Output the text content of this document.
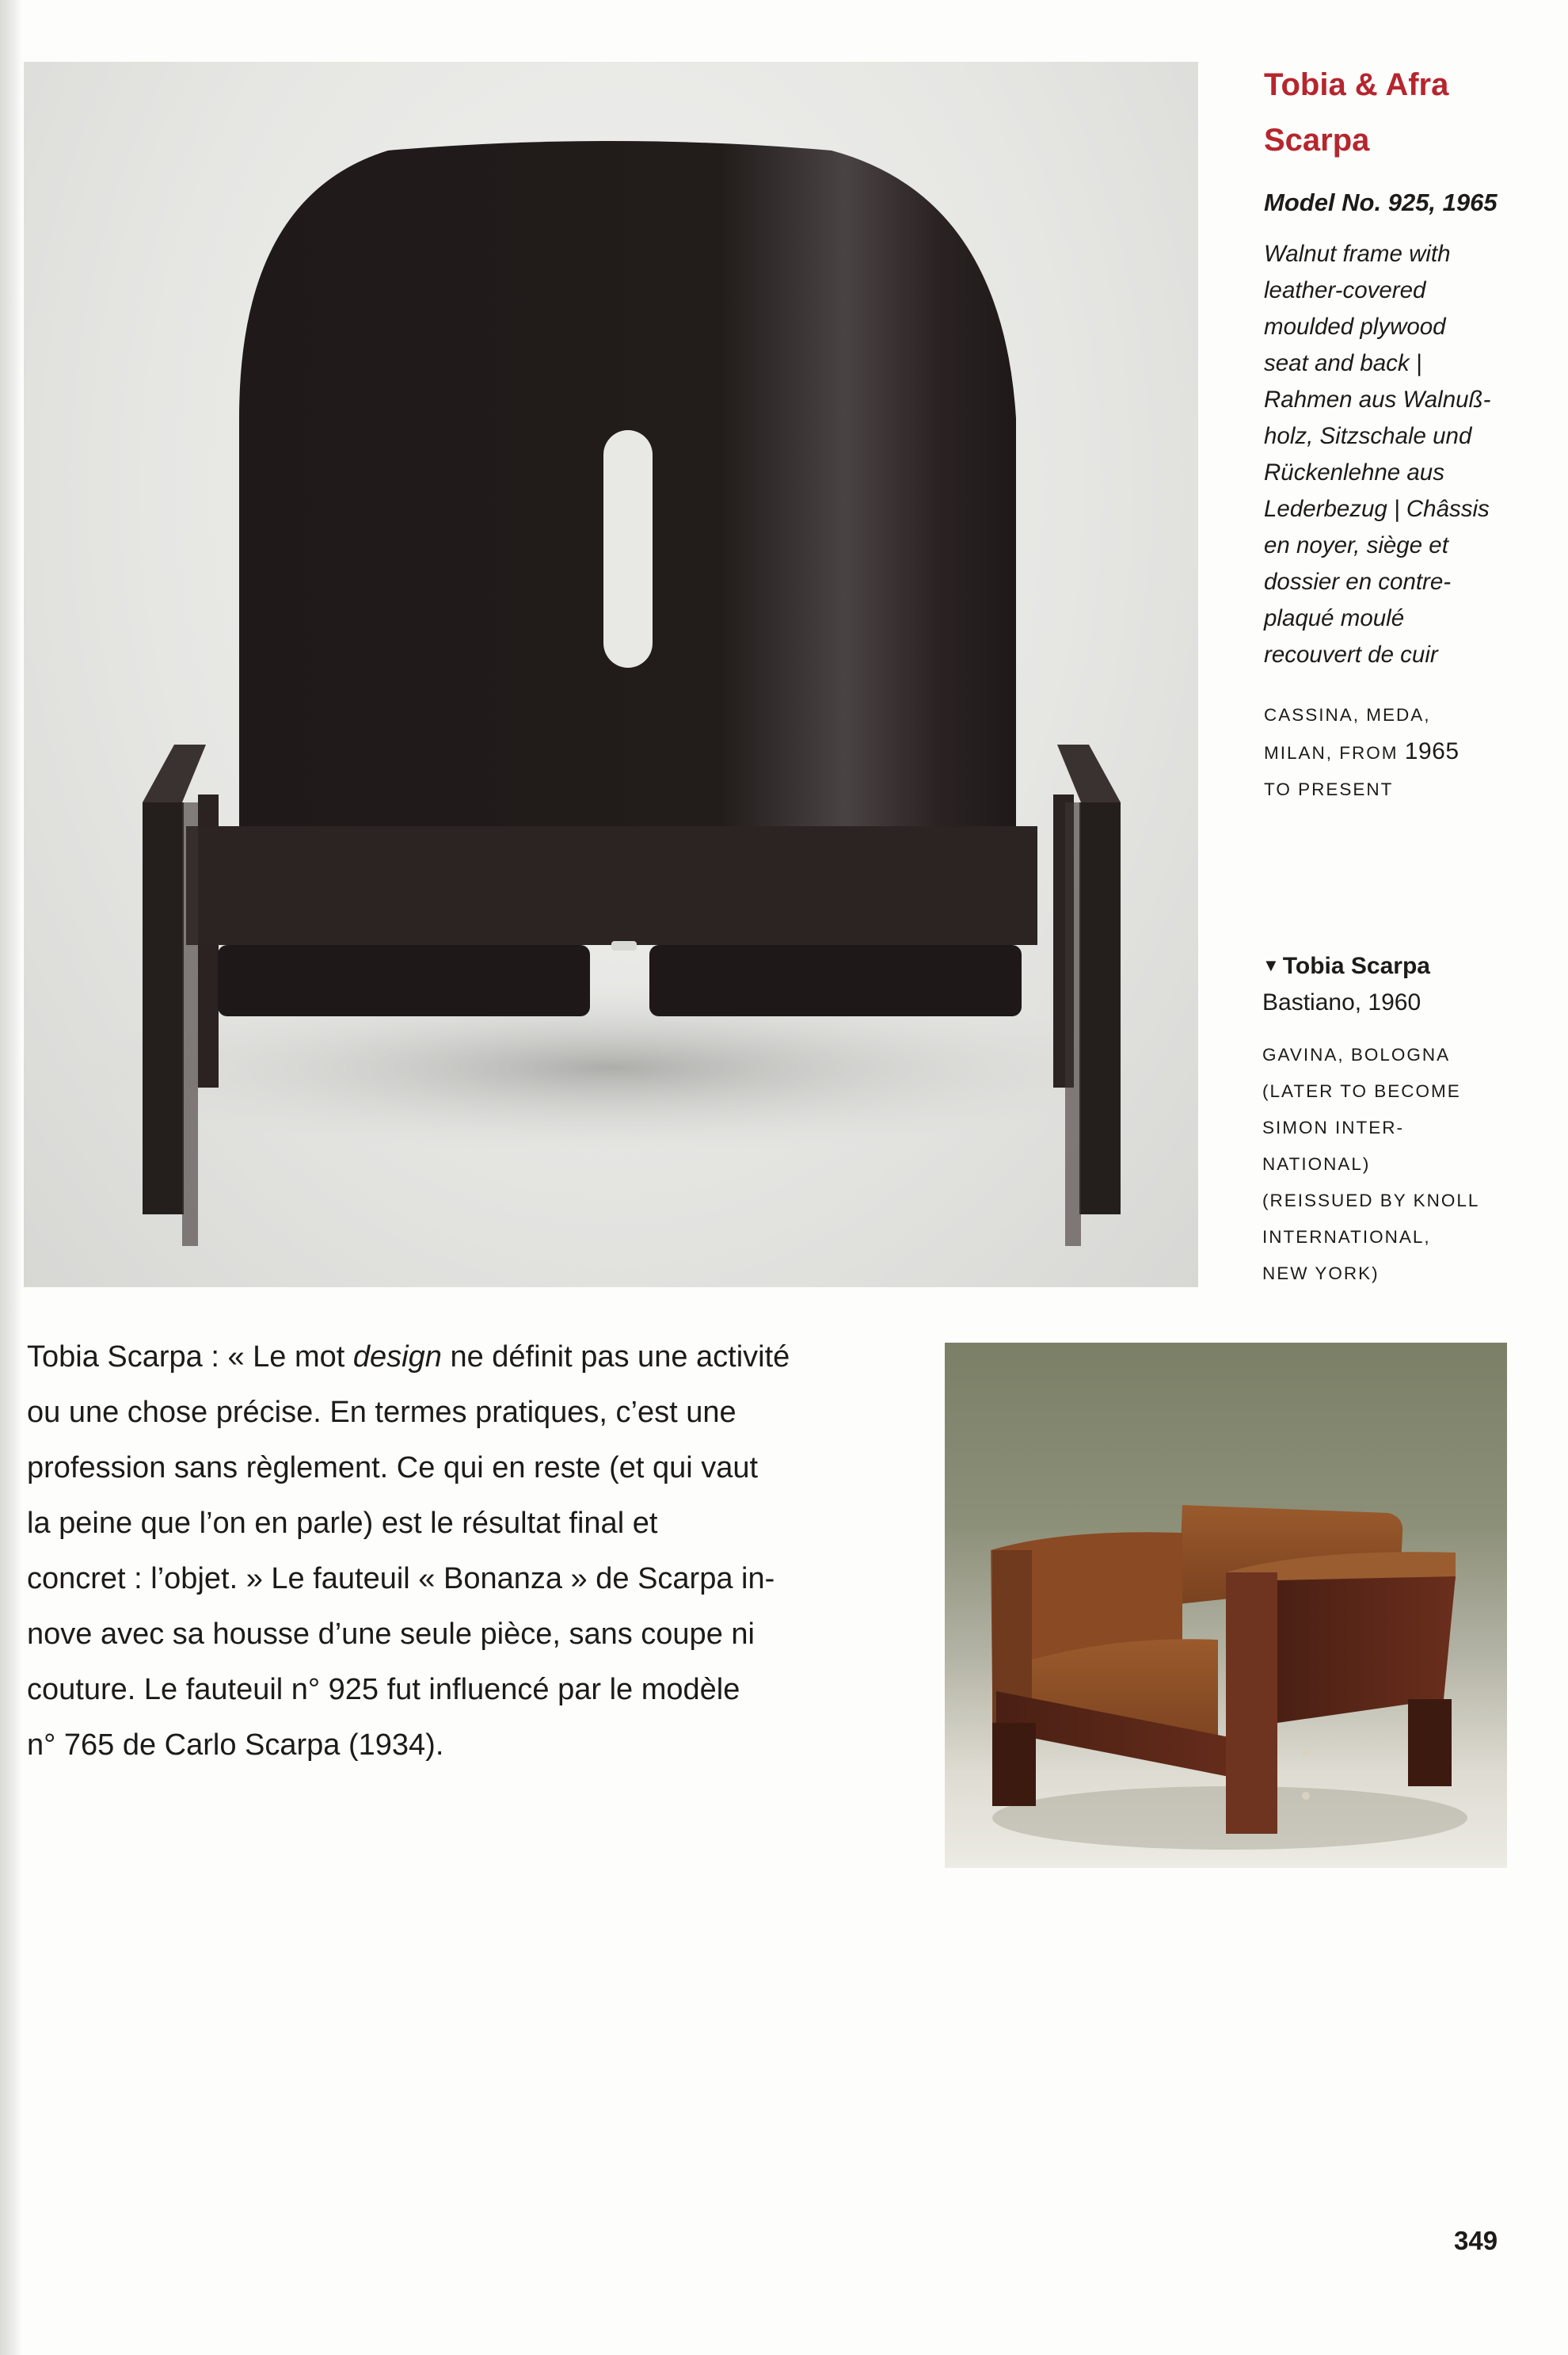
Tobia & Afra
Scarpa

Model No. 925, 1965
Walnut frame with
leather-covered
moulded plywood
seat and back |
Rahmen aus Walnuß-
holz, Sitzschale und
Rückenlehne aus
Lederbezug | Châssis
en noyer, siège et
dossier en contre-
plaqué moulé
recouvert de cuir
CASSINA, MEDA,
MILAN, FROM 1965
TO PRESENT
▼ Tobia Scarpa
Bastiano, 1960
GAVINA, BOLOGNA
(LATER TO BECOME
SIMON INTER-
NATIONAL)
(REISSUED BY KNOLL
INTERNATIONAL,
NEW YORK)
Tobia Scarpa : « Le mot design ne définit pas une activité
ou une chose précise. En termes pratiques, c’est une
profession sans règlement. Ce qui en reste (et qui vaut
la peine que l’on en parle) est le résultat final et
concret : l’objet. » Le fauteuil « Bonanza » de Scarpa in-
nove avec sa housse d’une seule pièce, sans coupe ni
couture. Le fauteuil n° 925 fut influencé par le modèle
n° 765 de Carlo Scarpa (1934).
349
